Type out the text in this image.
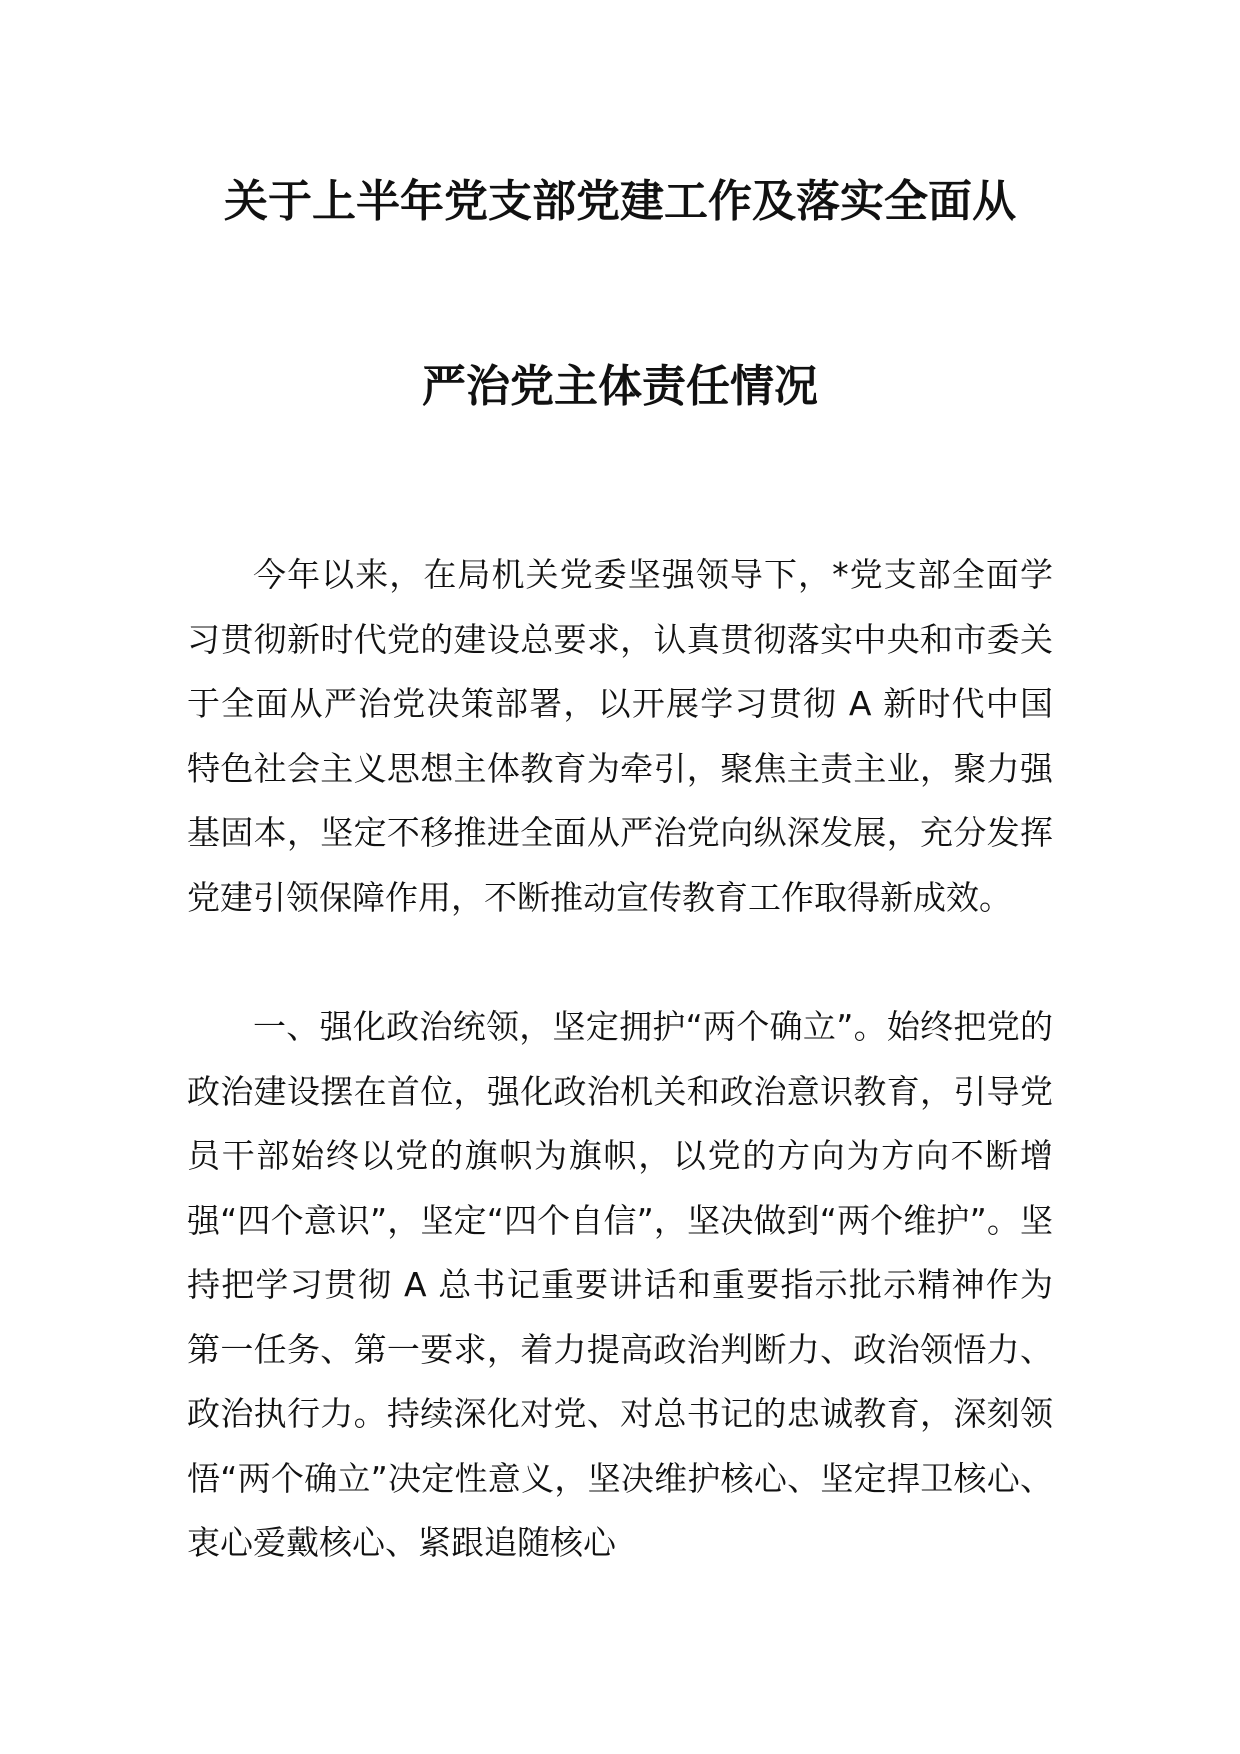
关于上半年党支部党建工作及落实全面从
严治党主体责任情况
今年以来，在局机关党委坚强领导下，*党支部全面学习贯彻新时代党的建设总要求，认真贯彻落实中央和市委关于全面从严治党决策部署，以开展学习贯彻 A 新时代中国特色社会主义思想主体教育为牵引，聚焦主责主业，聚力强基固本，坚定不移推进全面从严治党向纵深发展，充分发挥党建引领保障作用，不断推动宣传教育工作取得新成效。
一、强化政治统领，坚定拥护“两个确立”。始终把党的政治建设摆在首位，强化政治机关和政治意识教育，引导党员干部始终以党的旗帜为旗帜，以党的方向为方向不断增强“四个意识”，坚定“四个自信”，坚决做到“两个维护”。坚持把学习贯彻 A 总书记重要讲话和重要指示批示精神作为第一任务、第一要求，着力提高政治判断力、政治领悟力、政治执行力。持续深化对党、对总书记的忠诚教育，深刻领悟“两个确立”决定性意义，坚决维护核心、坚定捍卫核心、衷心爱戴核心、紧跟追随核心
